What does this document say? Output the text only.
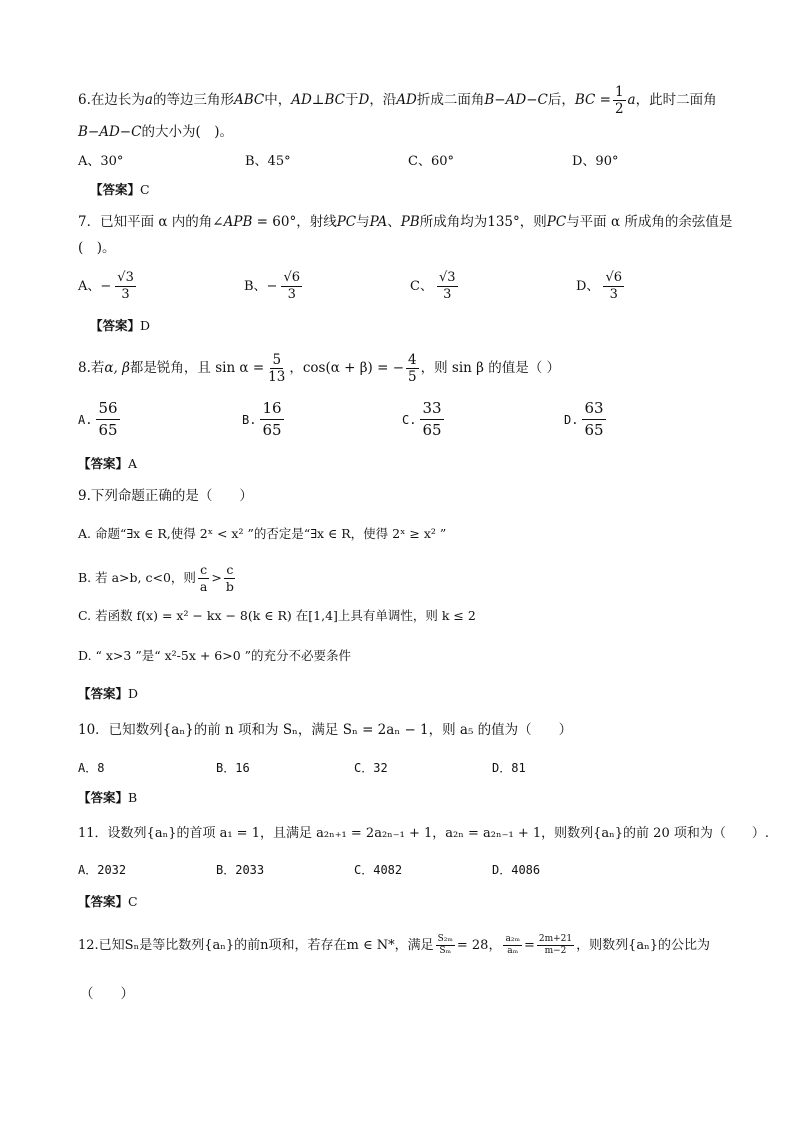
6.在边长为a的等边三角形ABC中，AD⊥BC于D，沿AD折成二面角B−AD−C后，BC = $\frac{1}{2}$ a，此时二面角
B−AD−C的大小为(　)。
A、30°	B、45°	C、60°	D、90°
【答案】C
7．已知平面 α 内的角∠APB = 60°，射线PC与PA、PB所成角均为135°，则PC与平面 α 所成角的余弦值是
(　)。
A、− $\frac{√3}{3}$	B、− $\frac{√6}{3}$	C、 $\frac{√3}{3}$	D、 $\frac{√6}{3}$
【答案】D
8.若α, β都是锐角，且 $\sin \alpha = \frac{5}{13}$ ，cos(α + β) = − $\frac{4}{5}$ ，则 sin β 的值是（ ）
A. $\frac{56}{65}$	B. $\frac{16}{65}$	C. $\frac{33}{65}$	D. $\frac{63}{65}$
【答案】A
9.下列命题正确的是（　　）
A. 命题“∃x ∈ R,使得 2ˣ < x² ”的否定是“∃x ∈ R，使得 2ˣ ≥ x² ”
B. 若 a>b, c<0，则 $\frac{c}{a} > \frac{c}{b}$
C. 若函数 f(x) = x² − kx − 8(k ∈ R) 在[1,4]上具有单调性，则 k ≤ 2
D. “ x>3 ”是“ x²-5x + 6>0 ”的充分不必要条件
【答案】D
10．已知数列{aₙ}的前 n 项和为 Sₙ，满足 Sₙ = 2aₙ − 1，则 a₅ 的值为（　　）
A．8	B．16	C．32	D．81
【答案】B
11．设数列{aₙ}的首项 a₁ = 1，且满足 a₂ₙ₊₁ = 2a₂ₙ₋₁ + 1，a₂ₙ = a₂ₙ₋₁ + 1，则数列{aₙ}的前 20 项和为（　　）.
A．2032	B．2033	C．4082	D．4086
【答案】C
12.已知Sₙ是等比数列{aₙ}的前n项和，若存在m ∈ N*，满足 $\frac{\text{S₂ₘ}}{\text{Sₘ}} = 28$， $\frac{\text{a₂ₘ}}{\text{aₘ}} = \frac{2m+21}{m-2}$ ，则数列{aₙ}的公比为
（　　）
